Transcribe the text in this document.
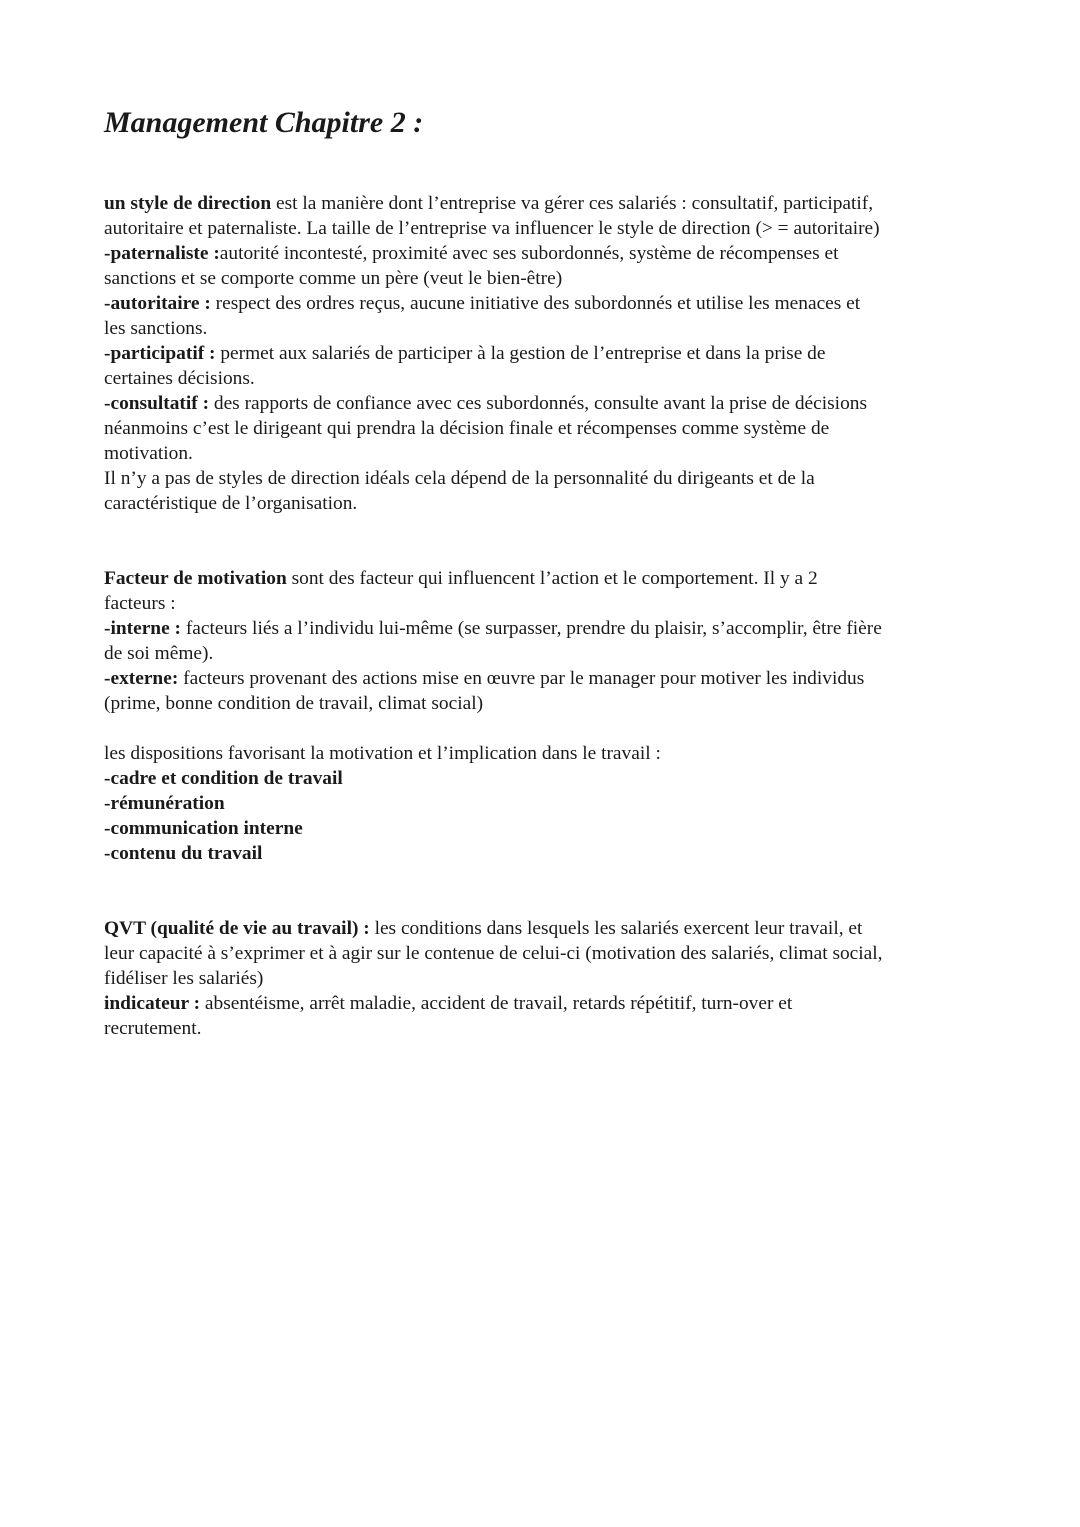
Management Chapitre 2 :
un style de direction est la manière dont l’entreprise va gérer ces salariés : consultatif, participatif,
autoritaire et paternaliste. La taille de l’entreprise va influencer le style de direction (> = autoritaire)
-paternaliste :autorité incontesté, proximité avec ses subordonnés, système de récompenses et
sanctions et se comporte comme un père (veut le bien-être)
-autoritaire : respect des ordres reçus, aucune initiative des subordonnés et utilise les menaces et
les sanctions.
-participatif : permet aux salariés de participer à la gestion de l’entreprise et dans la prise de
certaines décisions.
-consultatif : des rapports de confiance avec ces subordonnés, consulte avant la prise de décisions
néanmoins c’est le dirigeant qui prendra la décision finale et récompenses comme système de
motivation.
Il n’y a pas de styles de direction idéals cela dépend de la personnalité du dirigeants et de la
caractéristique de l’organisation.
Facteur de motivation sont des facteur qui influencent l’action et le comportement. Il y a 2
facteurs :
-interne : facteurs liés a l’individu lui-même (se surpasser, prendre du plaisir, s’accomplir, être fière
de soi même).
-externe: facteurs provenant des actions mise en œuvre par le manager pour motiver les individus
(prime, bonne condition de travail, climat social)
les dispositions favorisant la motivation et l’implication dans le travail :
-cadre et condition de travail
-rémunération
-communication interne
-contenu du travail
QVT (qualité de vie au travail) : les conditions dans lesquels les salariés exercent leur travail, et
leur capacité à s’exprimer et à agir sur le contenue de celui-ci (motivation des salariés, climat social,
fidéliser les salariés)
indicateur : absentéisme, arrêt maladie, accident de travail, retards répétitif, turn-over et
recrutement.
